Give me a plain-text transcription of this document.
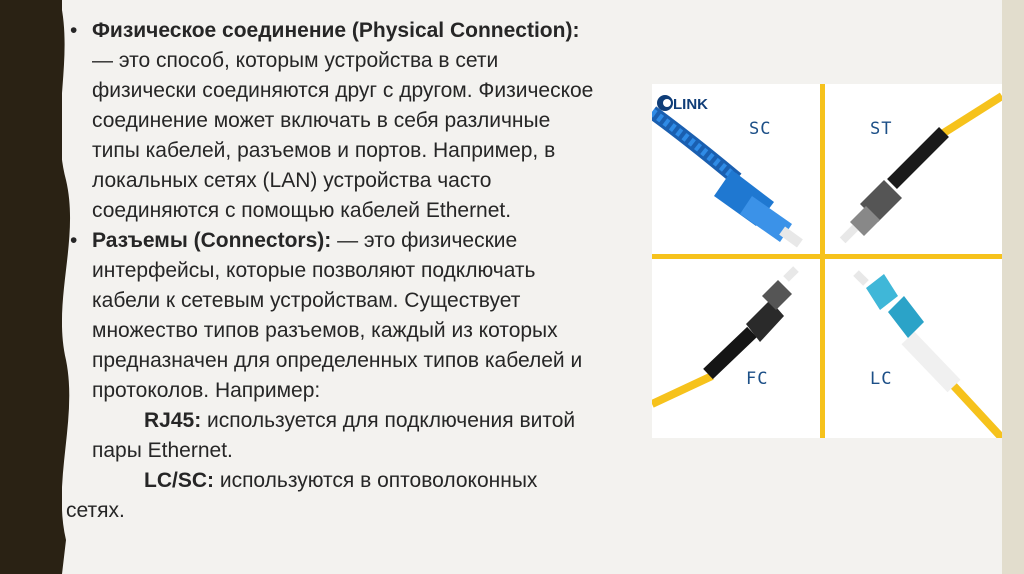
• Физическое соединение (Physical Connection):
— это способ, которым устройства в сети
физически соединяются друг с другом. Физическое
соединение может включать в себя различные
типы кабелей, разъемов и портов. Например, в
локальных сетях (LAN) устройства часто
соединяются с помощью кабелей Ethernet.

• Разъемы (Connectors): — это физические
интерфейсы, которые позволяют подключать
кабели к сетевым устройствам. Существует
множество типов разъемов, каждый из которых
предназначен для определенных типов кабелей и
протоколов. Например:

RJ45: используется для подключения витой
пары Ethernet.
LC/SC: используются в оптоволоконных
сетях.
LINK
SC	ST
FC	LC
